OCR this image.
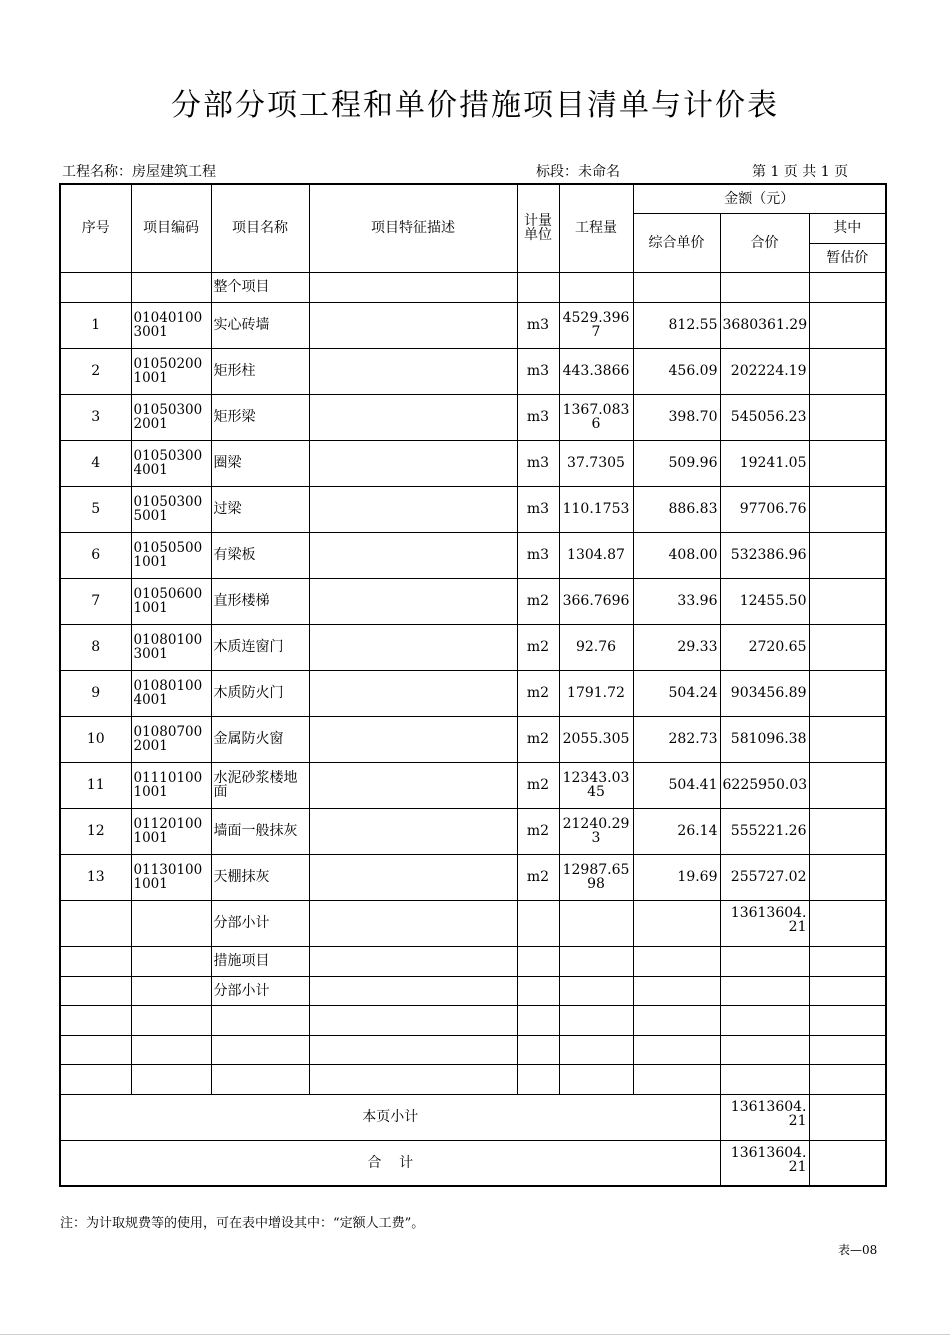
分部分项工程和单价措施项目清单与计价表
工程名称：房屋建筑工程	标段：未命名	第 1 页 共 1 页
序号	项目编码	项目名称	项目特征描述	计量单位	工程量	金额（元）		
						综合单价	合价	其中
								暂估价
		整个项目						
1	010401003001	实心砖墙		m3	4529.3967	812.55	3680361.29	
2	010502001001	矩形柱		m3	443.3866	456.09	202224.19	
3	010503002001	矩形梁		m3	1367.0836	398.70	545056.23	
4	010503004001	圈梁		m3	37.7305	509.96	19241.05	
5	010503005001	过梁		m3	110.1753	886.83	97706.76	
6	010505001001	有梁板		m3	1304.87	408.00	532386.96	
7	010506001001	直形楼梯		m2	366.7696	33.96	12455.50	
8	010801003001	木质连窗门		m2	92.76	29.33	2720.65	
9	010801004001	木质防火门		m2	1791.72	504.24	903456.89	
10	010807002001	金属防火窗		m2	2055.305	282.73	581096.38	
11	011101001001	水泥砂浆楼地面		m2	12343.0345	504.41	6225950.03	
12	011201001001	墙面一般抹灰		m2	21240.293	26.14	555221.26	
13	011301001001	天棚抹灰		m2	12987.6598	19.69	255727.02	
		分部小计					13613604.21	
		措施项目						
		分部小计						

本页小计							13613604.21	
合    计							13613604.21	
注：为计取规费等的使用，可在表中增设其中：“定额人工费”。
表—08
